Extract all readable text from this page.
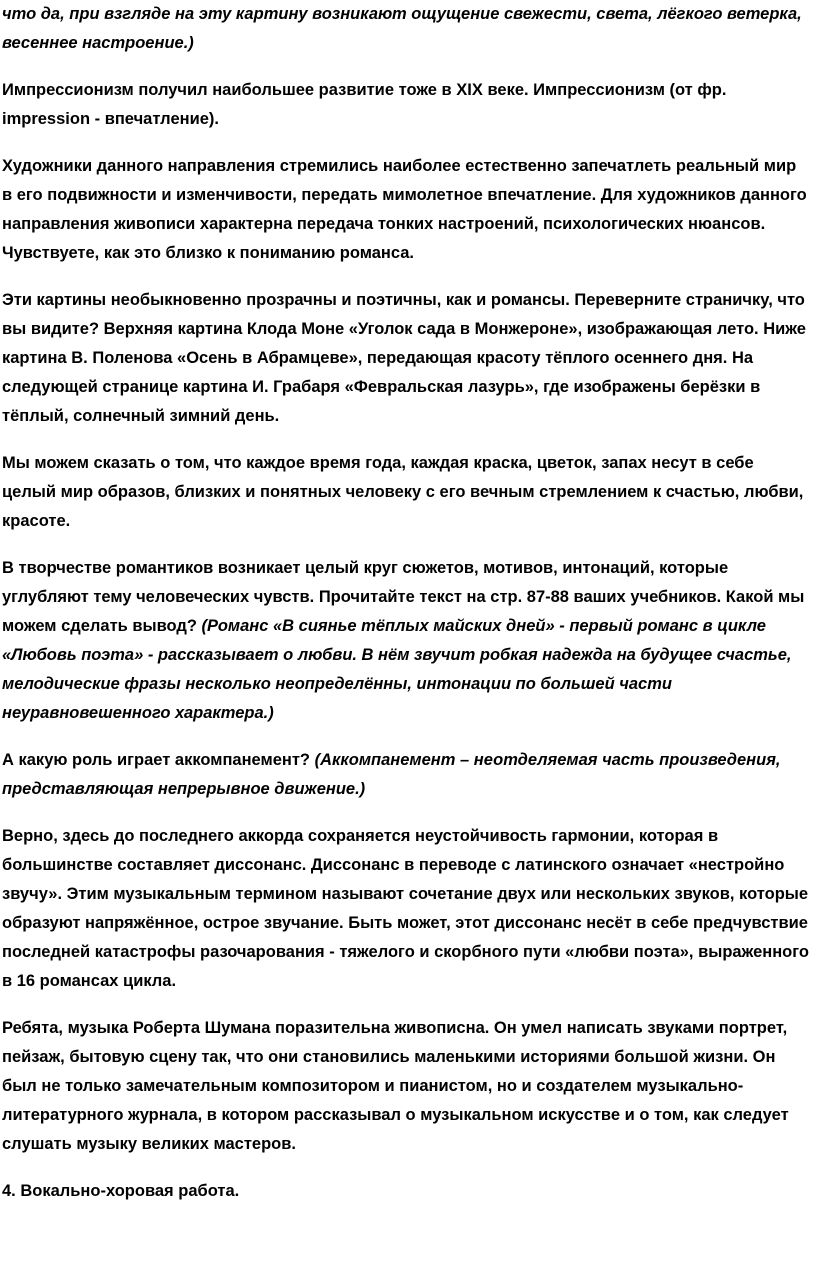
что да, при взгляде на эту картину возникают ощущение свежести, света, лёгкого ветерка, весеннее настроение.)

Импрессионизм получил наибольшее развитие тоже в XIX веке. Импрессионизм (от фр. impression - впечатление).

Художники данного направления стремились наиболее естественно запечатлеть реальный мир в его подвижности и изменчивости, передать мимолетное впечатление. Для художников данного направления живописи характерна передача тонких настроений, психологических нюансов. Чувствуете, как это близко к пониманию романса.

Эти картины необыкновенно прозрачны и поэтичны, как и романсы. Переверните страничку, что вы видите? Верхняя картина Клода Моне «Уголок сада в Монжероне», изображающая лето. Ниже картина В. Поленова «Осень в Абрамцеве», передающая красоту тёплого осеннего дня. На следующей странице картина И. Грабаря «Февральская лазурь», где изображены берёзки в тёплый, солнечный зимний день.

Мы можем сказать о том, что каждое время года, каждая краска, цветок, запах несут в себе целый мир образов, близких и понятных человеку с его вечным стремлением к счастью, любви, красоте.

В творчестве романтиков возникает целый круг сюжетов, мотивов, интонаций, которые углубляют тему человеческих чувств. Прочитайте текст на стр. 87-88 ваших учебников. Какой мы можем сделать вывод? (Романс «В сиянье тёплых майских дней» - первый романс в цикле «Любовь поэта» - рассказывает о любви. В нём звучит робкая надежда на будущее счастье, мелодические фразы несколько неопределённы, интонации по большей части неуравновешенного характера.)

А какую роль играет аккомпанемент? (Аккомпанемент – неотделяемая часть произведения, представляющая непрерывное движение.)

Верно, здесь до последнего аккорда сохраняется неустойчивость гармонии, которая в большинстве составляет диссонанс. Диссонанс в переводе с латинского означает «нестройно звучу». Этим музыкальным термином называют сочетание двух или нескольких звуков, которые образуют напряжённое, острое звучание. Быть может, этот диссонанс несёт в себе предчувствие последней катастрофы разочарования - тяжелого и скорбного пути «любви поэта», выраженного в 16 романсах цикла.

Ребята, музыка Роберта Шумана поразительна живописна. Он умел написать звуками портрет, пейзаж, бытовую сцену так, что они становились маленькими историями большой жизни. Он был не только замечательным композитором и пианистом, но и создателем музыкально-литературного журнала, в котором рассказывал о музыкальном искусстве и о том, как следует слушать музыку великих мастеров.

4. Вокально-хоровая работа.
